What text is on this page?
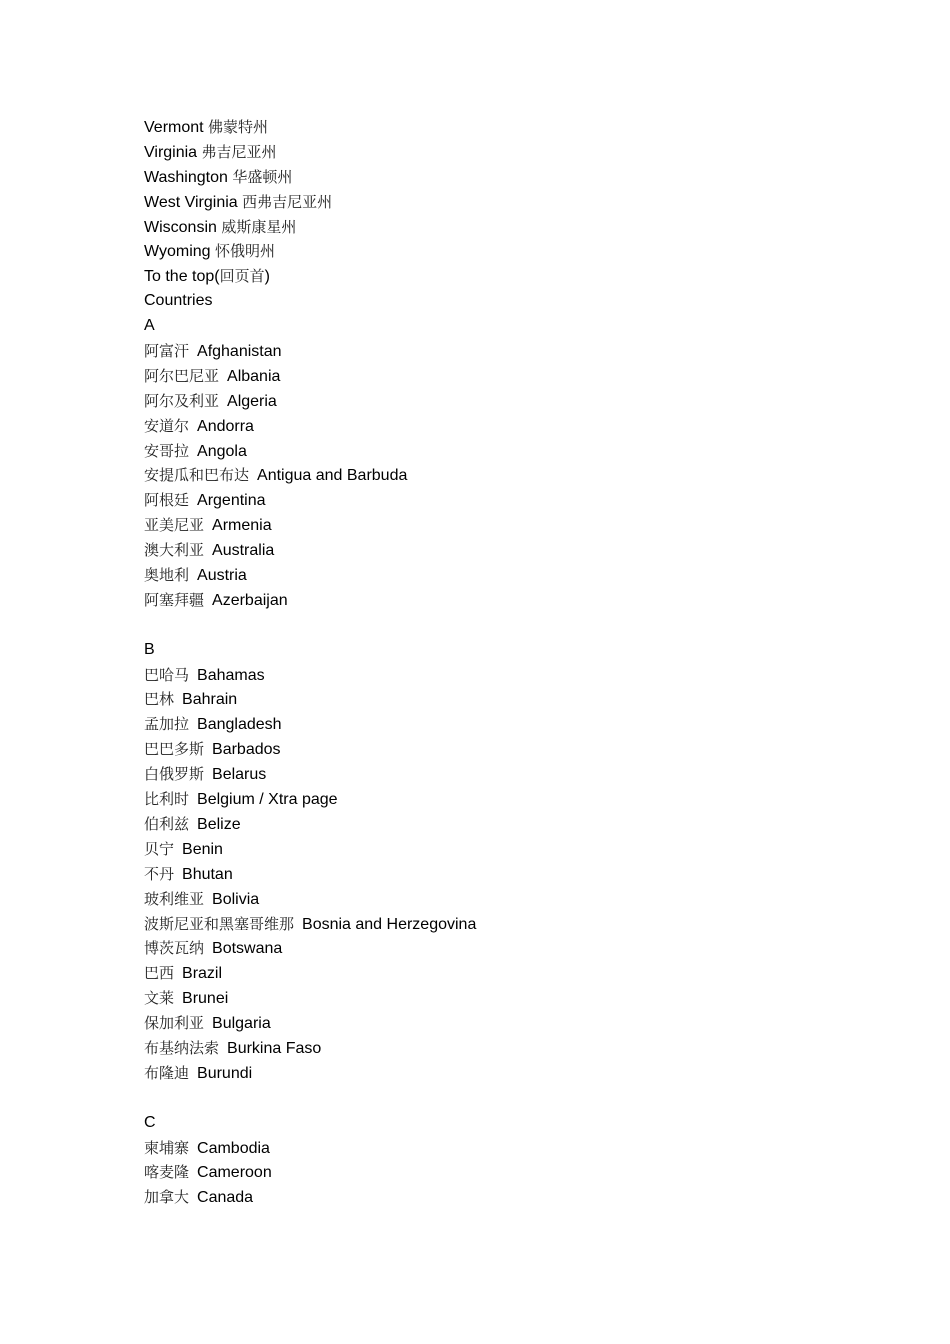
Vermont 佛蒙特州
Virginia 弗吉尼亚州
Washington 华盛顿州
West Virginia 西弗吉尼亚州
Wisconsin 威斯康星州
Wyoming 怀俄明州
To the top(回页首)
Countries
A
阿富汗 Afghanistan
阿尔巴尼亚 Albania
阿尔及利亚 Algeria
安道尔 Andorra
安哥拉 Angola
安提瓜和巴布达 Antigua and Barbuda
阿根廷 Argentina
亚美尼亚 Armenia
澳大利亚 Australia
奥地利 Austria
阿塞拜疆 Azerbaijan
B
巴哈马 Bahamas
巴林 Bahrain
孟加拉 Bangladesh
巴巴多斯 Barbados
白俄罗斯 Belarus
比利时 Belgium / Xtra page
伯利兹 Belize
贝宁 Benin
不丹 Bhutan
玻利维亚 Bolivia
波斯尼亚和黑塞哥维那 Bosnia and Herzegovina
博茨瓦纳 Botswana
巴西 Brazil
文莱 Brunei
保加利亚 Bulgaria
布基纳法索 Burkina Faso
布隆迪 Burundi
C
柬埔寨 Cambodia
喀麦隆 Cameroon
加拿大 Canada
